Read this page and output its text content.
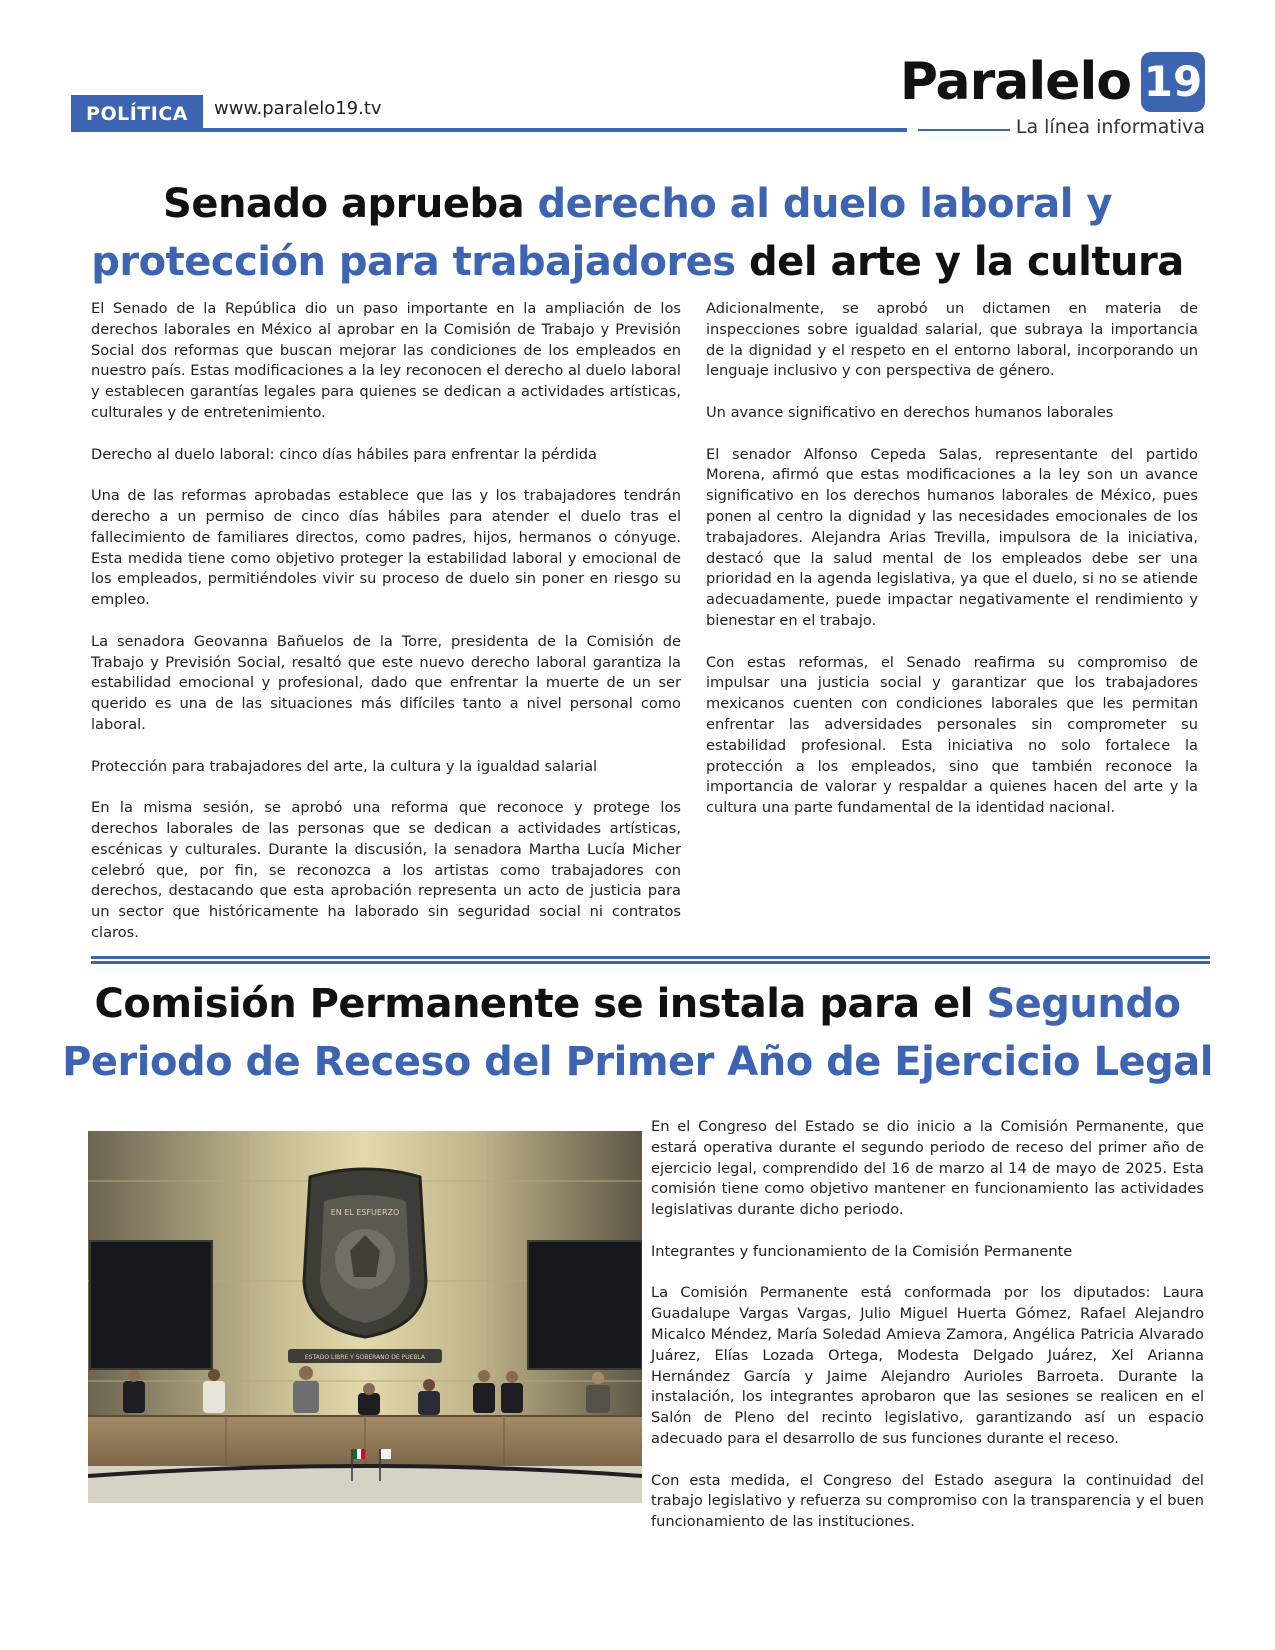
POLÍTICA	www.paralelo19.tv	Paralelo 19
La línea informativa
Senado aprueba derecho al duelo laboral y protección para trabajadores del arte y la cultura

El Senado de la República dio un paso importante en la ampliación de los derechos laborales en México al aprobar en la Comisión de Trabajo y Previsión Social dos reformas que buscan mejorar las condiciones de los empleados en nuestro país. Estas modificaciones a la ley reconocen el derecho al duelo laboral y establecen garantías legales para quienes se dedican a actividades artísticas, culturales y de entretenimiento.

Derecho al duelo laboral: cinco días hábiles para enfrentar la pérdida

Una de las reformas aprobadas establece que las y los trabajadores tendrán derecho a un permiso de cinco días hábiles para atender el duelo tras el fallecimiento de familiares directos, como padres, hijos, hermanos o cónyuge. Esta medida tiene como objetivo proteger la estabilidad laboral y emocional de los empleados, permitiéndoles vivir su proceso de duelo sin poner en riesgo su empleo.

La senadora Geovanna Bañuelos de la Torre, presidenta de la Comisión de Trabajo y Previsión Social, resaltó que este nuevo derecho laboral garantiza la estabilidad emocional y profesional, dado que enfrentar la muerte de un ser querido es una de las situaciones más difíciles tanto a nivel personal como laboral.

Protección para trabajadores del arte, la cultura y la igualdad salarial

En la misma sesión, se aprobó una reforma que reconoce y protege los derechos laborales de las personas que se dedican a actividades artísticas, escénicas y culturales. Durante la discusión, la senadora Martha Lucía Micher celebró que, por fin, se reconozca a los artistas como trabajadores con derechos, destacando que esta aprobación representa un acto de justicia para un sector que históricamente ha laborado sin seguridad social ni contratos claros.

Adicionalmente, se aprobó un dictamen en materia de inspecciones sobre igualdad salarial, que subraya la importancia de la dignidad y el respeto en el entorno laboral, incorporando un lenguaje inclusivo y con perspectiva de género.

Un avance significativo en derechos humanos laborales

El senador Alfonso Cepeda Salas, representante del partido Morena, afirmó que estas modificaciones a la ley son un avance significativo en los derechos humanos laborales de México, pues ponen al centro la dignidad y las necesidades emocionales de los trabajadores. Alejandra Arias Trevilla, impulsora de la iniciativa, destacó que la salud mental de los empleados debe ser una prioridad en la agenda legislativa, ya que el duelo, si no se atiende adecuadamente, puede impactar negativamente el rendimiento y bienestar en el trabajo.

Con estas reformas, el Senado reafirma su compromiso de impulsar una justicia social y garantizar que los trabajadores mexicanos cuenten con condiciones laborales que les permitan enfrentar las adversidades personales sin comprometer su estabilidad profesional. Esta iniciativa no solo fortalece la protección a los empleados, sino que también reconoce la importancia de valorar y respaldar a quienes hacen del arte y la cultura una parte fundamental de la identidad nacional.

Comisión Permanente se instala para el Segundo Periodo de Receso del Primer Año de Ejercicio Legal
EN EL ESFUERZO
ESTADO LIBRE Y SOBERANO DE PUEBLA

En el Congreso del Estado se dio inicio a la Comisión Permanente, que estará operativa durante el segundo periodo de receso del primer año de ejercicio legal, comprendido del 16 de marzo al 14 de mayo de 2025. Esta comisión tiene como objetivo mantener en funcionamiento las actividades legislativas durante dicho periodo.

Integrantes y funcionamiento de la Comisión Permanente

La Comisión Permanente está conformada por los diputados: Laura Guadalupe Vargas Vargas, Julio Miguel Huerta Gómez, Rafael Alejandro Micalco Méndez, María Soledad Amieva Zamora, Angélica Patricia Alvarado Juárez, Elías Lozada Ortega, Modesta Delgado Juárez, Xel Arianna Hernández García y Jaime Alejandro Aurioles Barroeta. Durante la instalación, los integrantes aprobaron que las sesiones se realicen en el Salón de Pleno del recinto legislativo, garantizando así un espacio adecuado para el desarrollo de sus funciones durante el receso.

Con esta medida, el Congreso del Estado asegura la continuidad del trabajo legislativo y refuerza su compromiso con la transparencia y el buen funcionamiento de las instituciones.
